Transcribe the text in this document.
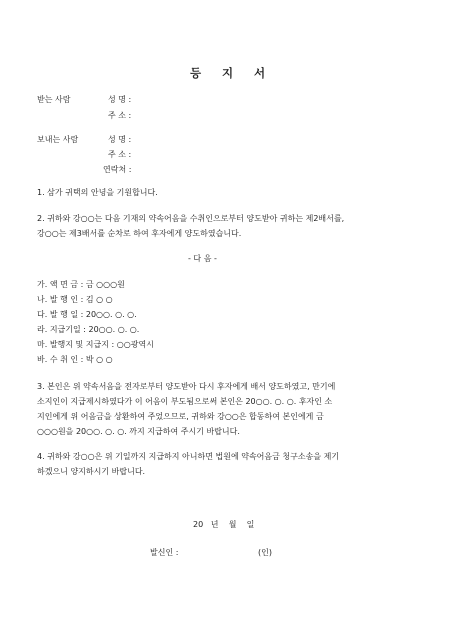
등 지 서
받는 사람	성 명 :
주 소 :
보내는 사람	성 명 :
주 소 :
연락처 :
1. 삼가 귀택의 안녕을 기원합니다.
2. 귀하와 강○○는 다음 기재의 약속어음을 수취인으로부터 양도받아 귀하는 제2배서를,
강○○는 제3배서를 순차로 하여 후자에게 양도하였습니다.
- 다 음 -
가. 액 면 금 : 금 ○○○원
나. 발 행 인 : 김 ○ ○
다. 발 행 일 : 20○○. ○. ○.
라. 지급기일 : 20○○. ○. ○.
마. 발행지 및 지급지 : ○○광역시
바. 수 취 인 : 박 ○ ○
3. 본인은 위 약속서음을 전자로부터 양도받아 다시 후자에게 배서 양도하였고, 만기에
소지인이 지급제시하였다가 이 어음이 부도됨으로써 본인은 20○○. ○. ○. 후자인 소
지인에게 위 어음금을 상환하여 주었으므로, 귀하와 강○○은 합동하여 본인에게 금
○○○원을 20○○. ○. ○. 까지 지급하여 주시기 바랍니다.
4. 귀하와 강○○은 위 기일까지 지급하지 아니하면 법원에 약속어음금 청구소송을 제기
하겠으니 양지하시기 바랍니다.
20   년    월    일
발신인 :	(인)
